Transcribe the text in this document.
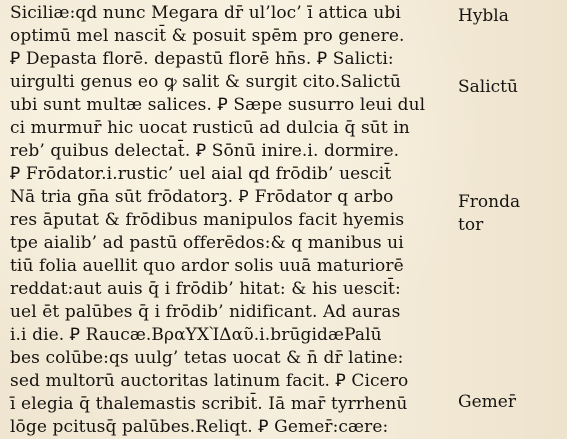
Siciliæ:qd nunc Megara dr̄ ul’loc’ ī attica ubi
optimū mel nascit̄ & posuit spēm pro genere.
Ꝑ Depasta florē. depastū florē hn̄s. Ꝑ Salicti:
uirgulti genus eo ꝙ salit & surgit cito.Salictū
ubi sunt multæ salices. Ꝑ Sæpe susurro leui dul
ci murmur̄ hic uocat rusticū ad dulcia q̄ sūt in
reb’ quibus delectat̄. Ꝑ Sōnū inire.i. dormire.
Ꝑ Frōdator.i.rustic’ uel aial qd frōdib’ uescit̄
Nā tria gn̄a sūt frōdatorꝫ. Ꝑ Frōdator q arbo
res āputat & frōdibus manipulos facit hyemis
tpe aialib’ ad pastū offerēdos:& q manibus ui
tiū folia auellit quo ardor solis uuā maturiorē
reddat:aut auis q̄ i frōdib’ hitat: & his uescit̄:
uel ēt palūbes q̄ i frōdib’ nidificant. Ad auras
i.i die. Ꝑ Raucæ.ΒραΥΧῚΔαῦ.i.brūgidæPalū
bes colūbe:qs uulg’ tetas uocat & n̄ dr̄ latine:
sed multorū auctoritas latinum facit. Ꝑ Cicero
ī elegia q̄ thalemastis scribit̄. Iā mar̄ tyrrhenū
lōge pcitusq̄ palūbes.Reliqt. Ꝑ Gemer̄:cære:
Hybla
Salictū
Fronda
tor
Gemer̄
